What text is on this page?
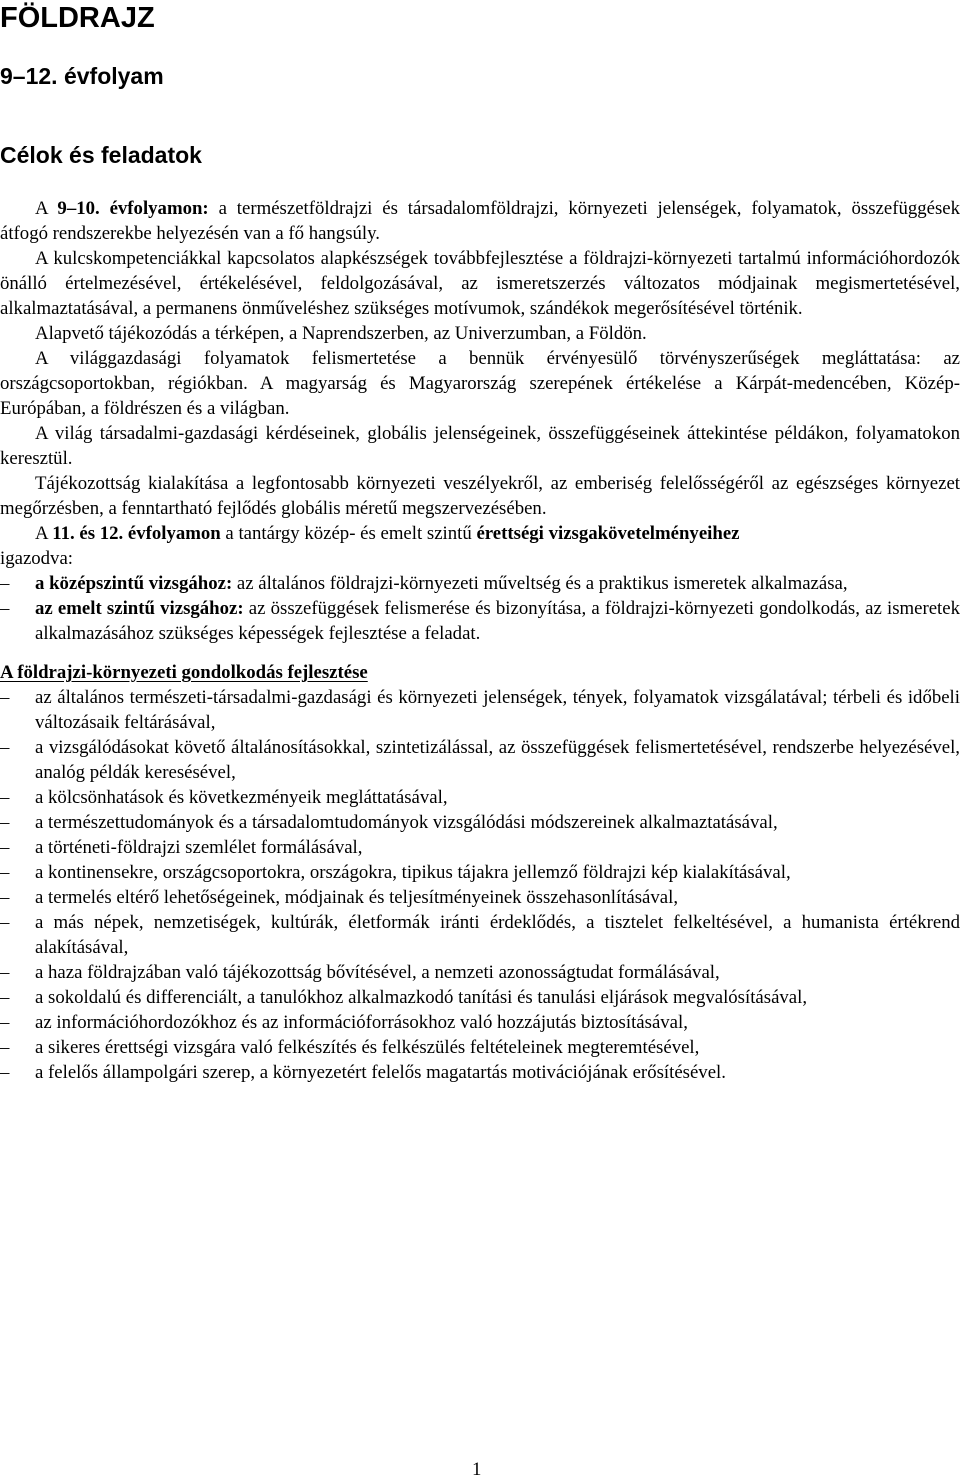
FÖLDRAJZ
9–12. évfolyam
Célok és feladatok

A 9–10. évfolyamon: a természetföldrajzi és társadalomföldrajzi, környezeti jelenségek, folyamatok, összefüggések átfogó rendszerekbe helyezésén van a fő hangsúly.

A kulcskompetenciákkal kapcsolatos alapkészségek továbbfejlesztése a földrajzi-környezeti tartalmú információhordozók önálló értelmezésével, értékelésével, feldolgozásával, az ismeretszerzés változatos módjainak megismertetésével, alkalmaztatásával, a permanens önműveléshez szükséges motívumok, szándékok megerősítésével történik.

Alapvető tájékozódás a térképen, a Naprendszerben, az Univerzumban, a Földön.

A világgazdasági folyamatok felismertetése a bennük érvényesülő törvényszerűségek megláttatása: az országcsoportokban, régiókban. A magyarság és Magyarország szerepének értékelése a Kárpát-medencében, Közép-Európában, a földrészen és a világban.

A világ társadalmi-gazdasági kérdéseinek, globális jelenségeinek, összefüggéseinek áttekintése példákon, folyamatokon keresztül.

Tájékozottság kialakítása a legfontosabb környezeti veszélyekről, az emberiség felelősségéről az egészséges környezet megőrzésben, a fenntartható fejlődés globális méretű megszervezésében.

A 11. és 12. évfolyamon a tantárgy közép- és emelt szintű érettségi vizsgakövetelményeihez

igazodva:

–	a középszintű vizsgához: az általános földrajzi-környezeti műveltség és a praktikus ismeretek alkalmazása,
–	az emelt szintű vizsgához: az összefüggések felismerése és bizonyítása, a földrajzi-környezeti gondolkodás, az ismeretek alkalmazásához szükséges képességek fejlesztése a feladat.

A földrajzi-környezeti gondolkodás fejlesztése

–	az általános természeti-társadalmi-gazdasági és környezeti jelenségek, tények, folyamatok vizsgálatával; térbeli és időbeli változásaik feltárásával,
–	a vizsgálódásokat követő általánosításokkal, szintetizálással, az összefüggések felismertetésével, rendszerbe helyezésével, analóg példák keresésével,
–	a kölcsönhatások és következményeik megláttatásával,
–	a természettudományok és a társadalomtudományok vizsgálódási módszereinek alkalmaztatásával,
–	a történeti-földrajzi szemlélet formálásával,
–	a kontinensekre, országcsoportokra, országokra, tipikus tájakra jellemző földrajzi kép kialakításával,
–	a termelés eltérő lehetőségeinek, módjainak és teljesítményeinek összehasonlításával,
–	a más népek, nemzetiségek, kultúrák, életformák iránti érdeklődés, a tisztelet felkeltésével, a humanista értékrend alakításával,
–	a haza földrajzában való tájékozottság bővítésével, a nemzeti azonosságtudat formálásával,
–	a sokoldalú és differenciált, a tanulókhoz alkalmazkodó tanítási és tanulási eljárások megvalósításával,
–	az információhordozókhoz és az információforrásokhoz való hozzájutás biztosításával,
–	a sikeres érettségi vizsgára való felkészítés és felkészülés feltételeinek megteremtésével,
–	a felelős állampolgári szerep, a környezetért felelős magatartás motivációjának erősítésével.
1
